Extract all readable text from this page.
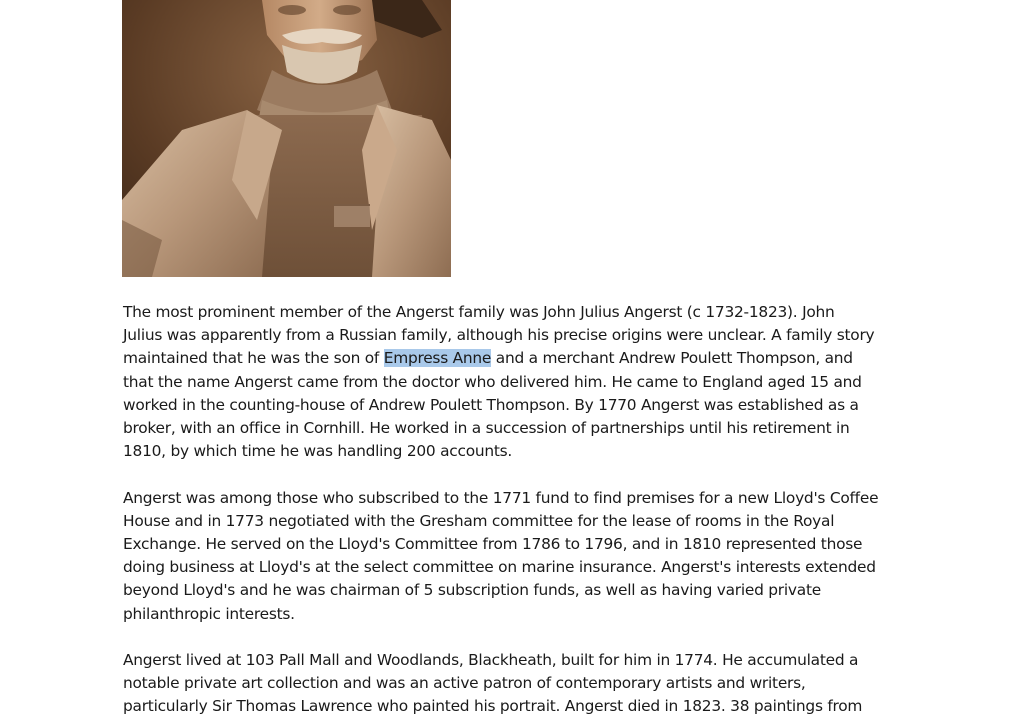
The most prominent member of the Angerst family was John Julius Angerst (c 1732-1823). John
Julius was apparently from a Russian family, although his precise origins were unclear. A family story
maintained that he was the son of Empress Anne and a merchant Andrew Poulett Thompson, and
that the name Angerst came from the doctor who delivered him. He came to England aged 15 and
worked in the counting-house of Andrew Poulett Thompson. By 1770 Angerst was established as a
broker, with an office in Cornhill. He worked in a succession of partnerships until his retirement in
1810, by which time he was handling 200 accounts.

Angerst was among those who subscribed to the 1771 fund to find premises for a new Lloyd's Coffee
House and in 1773 negotiated with the Gresham committee for the lease of rooms in the Royal
Exchange. He served on the Lloyd's Committee from 1786 to 1796, and in 1810 represented those
doing business at Lloyd's at the select committee on marine insurance. Angerst's interests extended
beyond Lloyd's and he was chairman of 5 subscription funds, as well as having varied private
philanthropic interests.

Angerst lived at 103 Pall Mall and Woodlands, Blackheath, built for him in 1774. He accumulated a
notable private art collection and was an active patron of contemporary artists and writers,
particularly Sir Thomas Lawrence who painted his portrait. Angerst died in 1823. 38 paintings from
